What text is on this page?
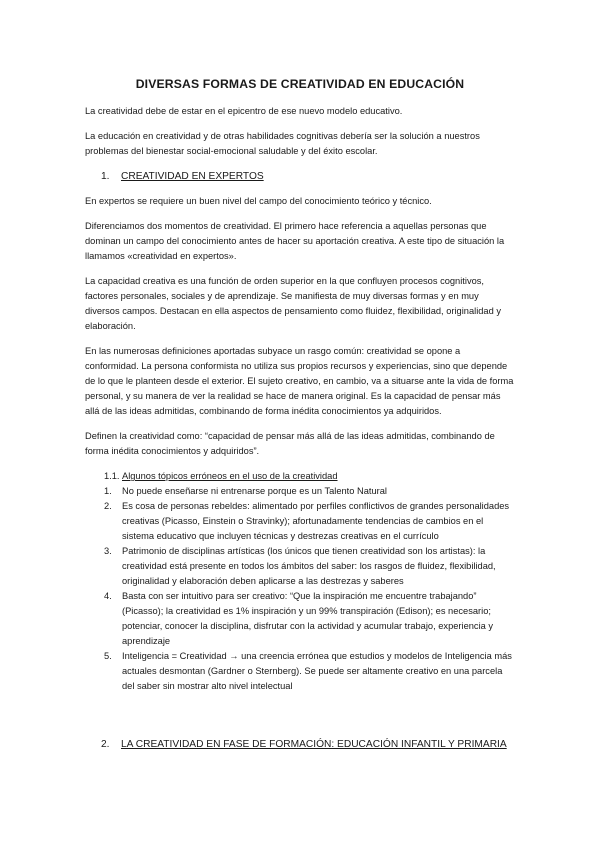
DIVERSAS FORMAS DE CREATIVIDAD EN EDUCACIÓN

La creatividad debe de estar en el epicentro de ese nuevo modelo educativo.

La educación en creatividad y de otras habilidades cognitivas debería ser la solución a nuestros problemas del bienestar social-emocional saludable y del éxito escolar.

1.	CREATIVIDAD EN EXPERTOS

En expertos se requiere un buen nivel del campo del conocimiento teórico y técnico.

Diferenciamos dos momentos de creatividad. El primero hace referencia a aquellas personas que dominan un campo del conocimiento antes de hacer su aportación creativa. A este tipo de situación la llamamos «creatividad en expertos».

La capacidad creativa es una función de orden superior en la que confluyen procesos cognitivos, factores personales, sociales y de aprendizaje. Se manifiesta de muy diversas formas y en muy diversos campos. Destacan en ella aspectos de pensamiento como fluidez, flexibilidad, originalidad y elaboración.

En las numerosas definiciones aportadas subyace un rasgo común: creatividad se opone a conformidad. La persona conformista no utiliza sus propios recursos y experiencias, sino que depende de lo que le planteen desde el exterior. El sujeto creativo, en cambio, va a situarse ante la vida de forma personal, y su manera de ver la realidad se hace de manera original. Es la capacidad de pensar más allá de las ideas admitidas, combinando de forma inédita conocimientos ya adquiridos.

Definen la creatividad como: “capacidad de pensar más allá de las ideas admitidas, combinando de forma inédita conocimientos y adquiridos”.

1.1. Algunos tópicos erróneos en el uso de la creatividad
1.	No puede enseñarse ni entrenarse porque es un Talento Natural
2.	Es cosa de personas rebeldes: alimentado por perfiles conflictivos de grandes personalidades creativas (Picasso, Einstein o Stravinky); afortunadamente tendencias de cambios en el sistema educativo que incluyen técnicas y destrezas creativas en el currículo
3.	Patrimonio de disciplinas artísticas (los únicos que tienen creatividad son los artistas): la creatividad está presente en todos los ámbitos del saber: los rasgos de fluidez, flexibilidad, originalidad y elaboración deben aplicarse a las destrezas y saberes
4.	Basta con ser intuitivo para ser creativo: “Que la inspiración me encuentre trabajando” (Picasso); la creatividad es 1% inspiración y un 99% transpiración (Edison); es necesario; potenciar, conocer la disciplina, disfrutar con la actividad y acumular trabajo, experiencia y aprendizaje
5.	Inteligencia = Creatividad → una creencia errónea que estudios y modelos de Inteligencia más actuales desmontan (Gardner o Sternberg). Se puede ser altamente creativo en una parcela del saber sin mostrar alto nivel intelectual
2.	LA CREATIVIDAD EN FASE DE FORMACIÓN: EDUCACIÓN INFANTIL Y PRIMARIA
